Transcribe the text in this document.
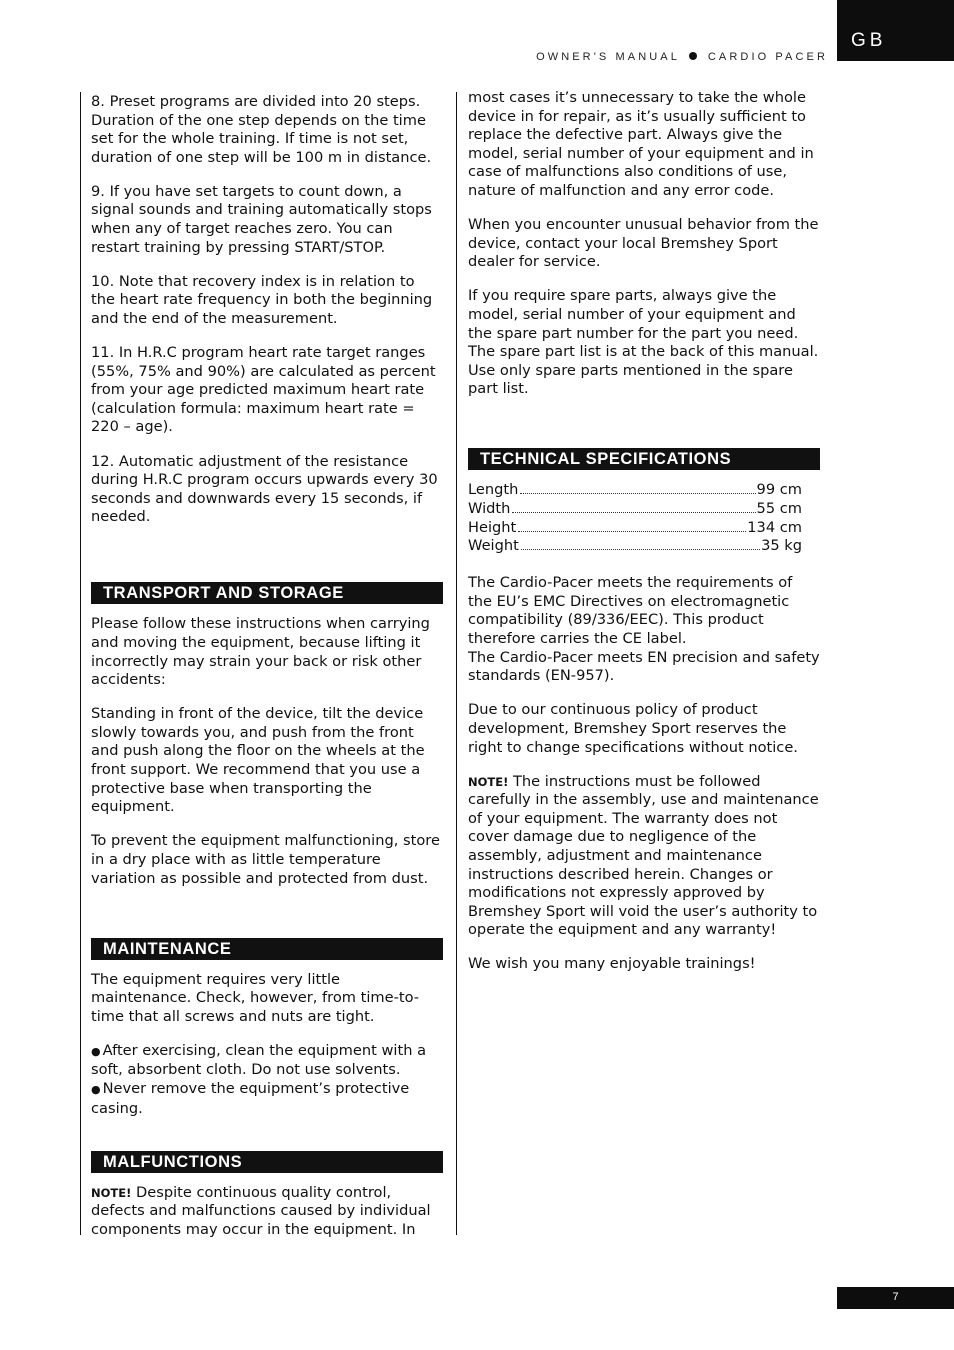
GB
OWNER'S MANUAL	CARDIO PACER

8. Preset programs are divided into 20 steps. Duration of the one step depends on the time set for the whole training. If time is not set, duration of one step will be 100 m in distance.

9. If you have set targets to count down, a signal sounds and training automatically stops when any of target reaches zero. You can restart training by pressing START/STOP.

10. Note that recovery index is in relation to the heart rate frequency in both the beginning and the end of the measurement.

11. In H.R.C program heart rate target ranges (55%, 75% and 90%) are calculated as percent from your age predicted maximum heart rate (calculation formula: maximum heart rate = 220 – age).

12. Automatic adjustment of the resistance during H.R.C program occurs upwards every 30 seconds and downwards every 15 seconds, if needed.

TRANSPORT AND STORAGE

Please follow these instructions when carrying and moving the equipment, because lifting it incorrectly may strain your back or risk other accidents:

Standing in front of the device, tilt the device slowly towards you, and push from the front and push along the floor on the wheels at the front support. We recommend that you use a protective base when transporting the equipment.

To prevent the equipment malfunctioning, store in a dry place with as little temperature variation as possible and protected from dust.

MAINTENANCE

The equipment requires very little maintenance. Check, however, from time-to-time that all screws and nuts are tight.

● After exercising, clean the equipment with a soft, absorbent cloth. Do not use solvents.

● Never remove the equipment’s protective casing.

MALFUNCTIONS

NOTE! Despite continuous quality control, defects and malfunctions caused by individual components may occur in the equipment. In

most cases it’s unnecessary to take the whole device in for repair, as it’s usually sufficient to replace the defective part. Always give the model, serial number of your equipment and in case of malfunctions also conditions of use, nature of malfunction and any error code.

When you encounter unusual behavior from the device, contact your local Bremshey Sport dealer for service.

If you require spare parts, always give the model, serial number of your equipment and the spare part number for the part you need. The spare part list is at the back of this manual. Use only spare parts mentioned in the spare part list.

TECHNICAL SPECIFICATIONS
Length	99 cm
Width	55 cm
Height	134 cm
Weight	35 kg
The Cardio-Pacer meets the requirements of the EU’s EMC Directives on electromagnetic compatibility (89/336/EEC). This product therefore carries the CE label.

The Cardio-Pacer meets EN precision and safety standards (EN-957).

Due to our continuous policy of product development, Bremshey Sport reserves the right to change specifications without notice.

NOTE! The instructions must be followed carefully in the assembly, use and maintenance of your equipment. The warranty does not cover damage due to negligence of the assembly, adjustment and maintenance instructions described herein. Changes or modifications not expressly approved by Bremshey Sport will void the user’s authority to operate the equipment and any warranty!

We wish you many enjoyable trainings!

7
